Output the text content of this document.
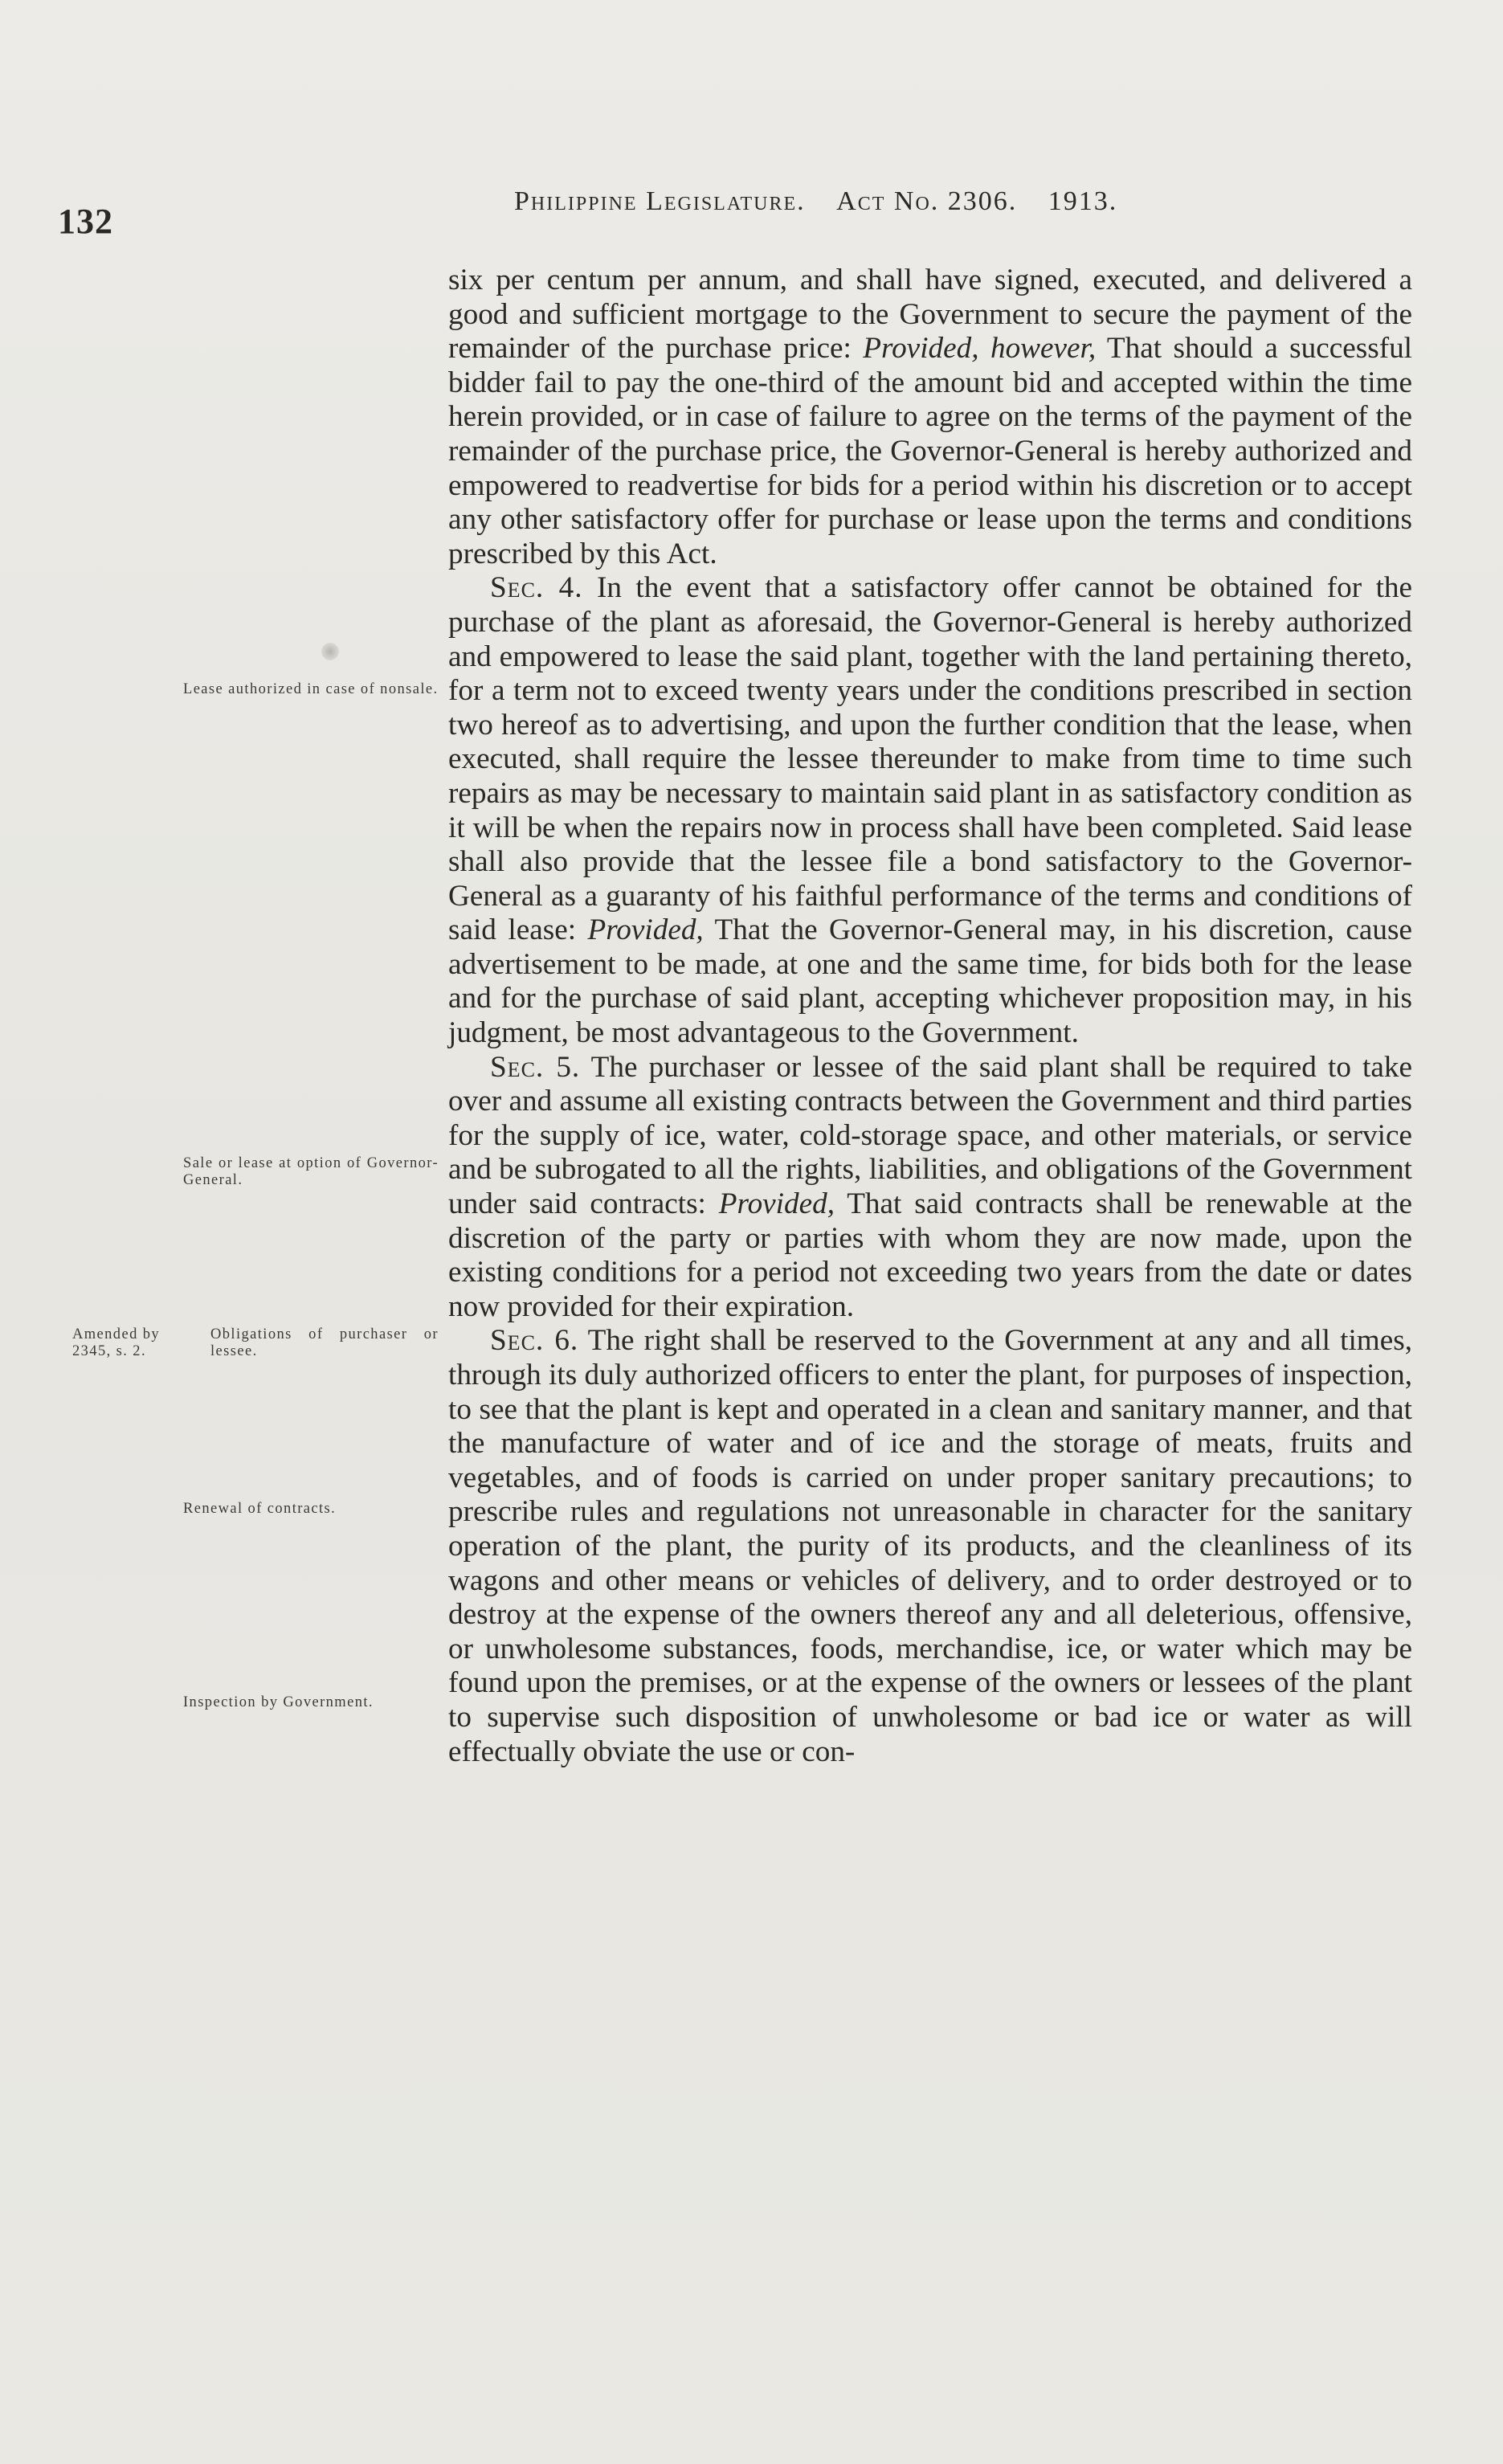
132
Philippine Legislature. Act No. 2306. 1913.
Lease authorized in case of nonsale.
Sale or lease at option of Governor-General.
Amended by 2345, s. 2.
Obligations of purchaser or lessee.
Renewal of contracts.
Inspection by Government.

six per centum per annum, and shall have signed, executed, and delivered a good and sufficient mortgage to the Government to secure the payment of the remainder of the purchase price: Provided, however, That should a successful bidder fail to pay the one-third of the amount bid and accepted within the time herein provided, or in case of failure to agree on the terms of the payment of the remainder of the purchase price, the Governor-General is hereby authorized and empowered to readvertise for bids for a period within his discretion or to accept any other satisfactory offer for purchase or lease upon the terms and conditions prescribed by this Act.

Sec. 4. In the event that a satisfactory offer cannot be obtained for the purchase of the plant as aforesaid, the Governor-General is hereby authorized and empowered to lease the said plant, together with the land pertaining thereto, for a term not to exceed twenty years under the conditions prescribed in section two hereof as to advertising, and upon the further condition that the lease, when executed, shall require the lessee thereunder to make from time to time such repairs as may be necessary to maintain said plant in as satisfactory condition as it will be when the repairs now in process shall have been completed. Said lease shall also provide that the lessee file a bond satisfactory to the Governor-General as a guaranty of his faithful performance of the terms and conditions of said lease: Provided, That the Governor-General may, in his discretion, cause advertisement to be made, at one and the same time, for bids both for the lease and for the purchase of said plant, accepting whichever proposition may, in his judgment, be most advantageous to the Government.

Sec. 5. The purchaser or lessee of the said plant shall be required to take over and assume all existing contracts between the Government and third parties for the supply of ice, water, cold-storage space, and other materials, or service and be subrogated to all the rights, liabilities, and obligations of the Government under said contracts: Provided, That said contracts shall be renewable at the discretion of the party or parties with whom they are now made, upon the existing conditions for a period not exceeding two years from the date or dates now provided for their expiration.

Sec. 6. The right shall be reserved to the Government at any and all times, through its duly authorized officers to enter the plant, for purposes of inspection, to see that the plant is kept and operated in a clean and sanitary manner, and that the manufacture of water and of ice and the storage of meats, fruits and vegetables, and of foods is carried on under proper sanitary precautions; to prescribe rules and regulations not unreasonable in character for the sanitary operation of the plant, the purity of its products, and the cleanliness of its wagons and other means or vehicles of delivery, and to order destroyed or to destroy at the expense of the owners thereof any and all deleterious, offensive, or unwholesome substances, foods, merchandise, ice, or water which may be found upon the premises, or at the expense of the owners or lessees of the plant to supervise such disposition of unwholesome or bad ice or water as will effectually obviate the use or con-
